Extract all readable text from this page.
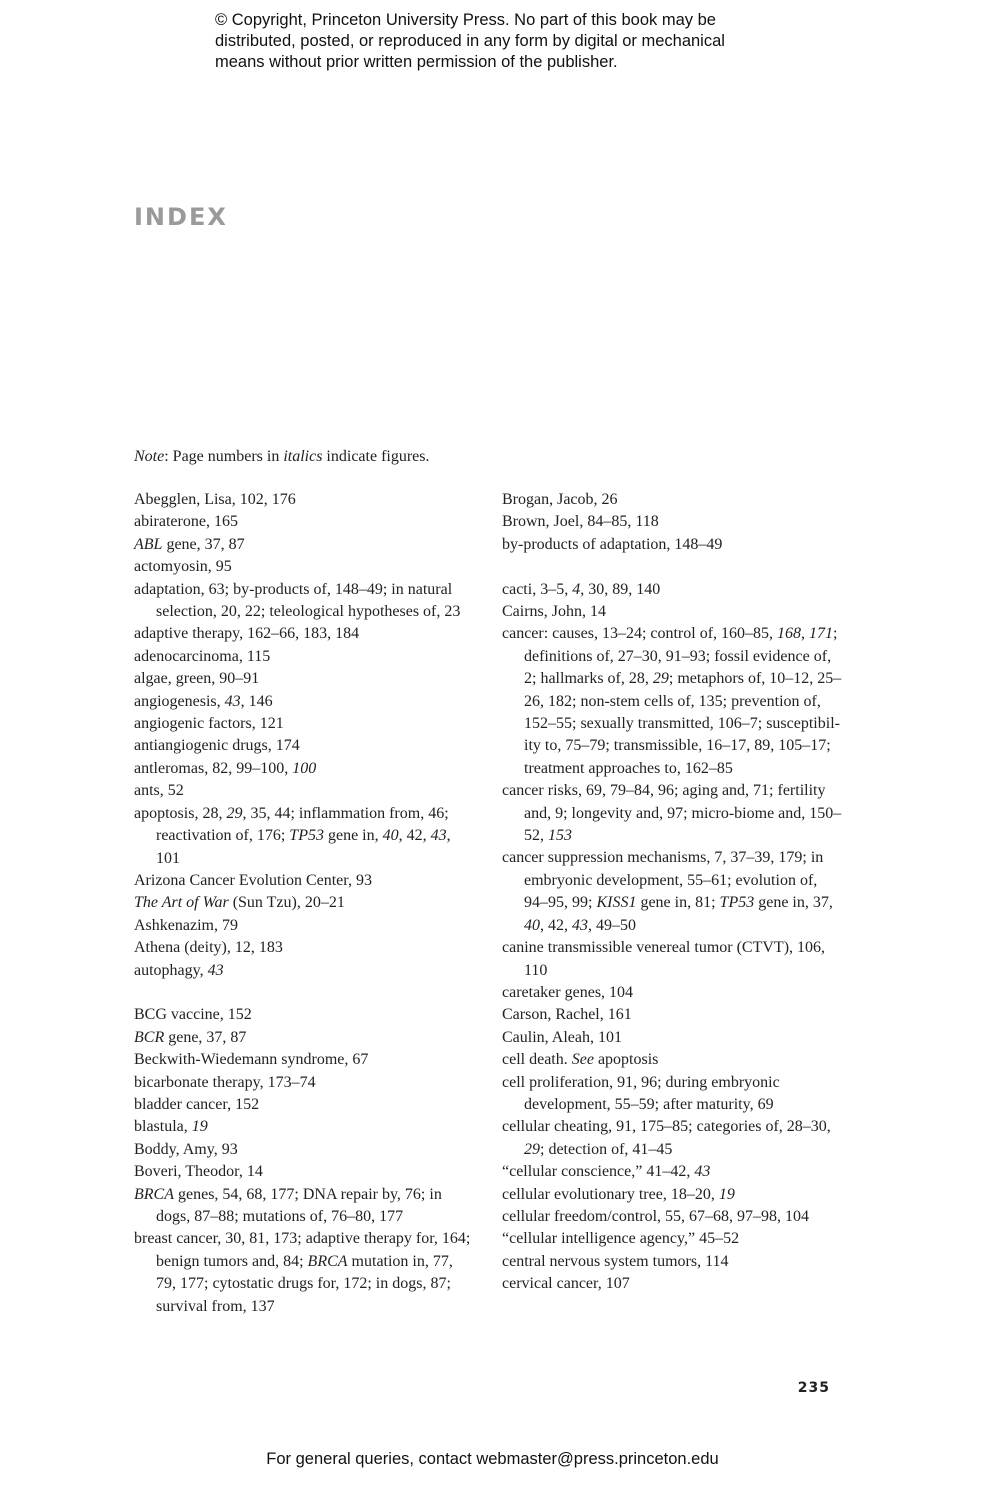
© Copyright, Princeton University Press. No part of this book may be
distributed, posted, or reproduced in any form by digital or mechanical
means without prior written permission of the publisher.
INDEX
Note: Page numbers in italics indicate figures.
Abegglen, Lisa, 102, 176
abiraterone, 165
ABL gene, 37, 87
actomyosin, 95
adaptation, 63; by-products of, 148–49; in natural selection, 20, 22; teleological hypotheses of, 23
adaptive therapy, 162–66, 183, 184
adenocarcinoma, 115
algae, green, 90–91
angiogenesis, 43, 146
angiogenic factors, 121
antiangiogenic drugs, 174
antleromas, 82, 99–100, 100
ants, 52
apoptosis, 28, 29, 35, 44; inflammation from, 46; reactivation of, 176; TP53 gene in, 40, 42, 43, 101
Arizona Cancer Evolution Center, 93
The Art of War (Sun Tzu), 20–21
Ashkenazim, 79
Athena (deity), 12, 183
autophagy, 43
BCG vaccine, 152
BCR gene, 37, 87
Beckwith-Wiedemann syndrome, 67
bicarbonate therapy, 173–74
bladder cancer, 152
blastula, 19
Boddy, Amy, 93
Boveri, Theodor, 14
BRCA genes, 54, 68, 177; DNA repair by, 76; in dogs, 87–88; mutations of, 76–80, 177
breast cancer, 30, 81, 173; adaptive therapy for, 164; benign tumors and, 84; BRCA mutation in, 77, 79, 177; cytostatic drugs for, 172; in dogs, 87; survival from, 137
Brogan, Jacob, 26
Brown, Joel, 84–85, 118
by-products of adaptation, 148–49
cacti, 3–5, 4, 30, 89, 140
Cairns, John, 14
cancer: causes, 13–24; control of, 160–85, 168, 171; definitions of, 27–30, 91–93; fossil evidence of, 2; hallmarks of, 28, 29; metaphors of, 10–12, 25–26, 182; non-stem cells of, 135; prevention of, 152–55; sexually transmitted, 106–7; susceptibil-ity to, 75–79; transmissible, 16–17, 89, 105–17; treatment approaches to, 162–85
cancer risks, 69, 79–84, 96; aging and, 71; fertility and, 9; longevity and, 97; micro-biome and, 150–52, 153
cancer suppression mechanisms, 7, 37–39, 179; in embryonic development, 55–61; evolution of, 94–95, 99; KISS1 gene in, 81; TP53 gene in, 37, 40, 42, 43, 49–50
canine transmissible venereal tumor (CTVT), 106, 110
caretaker genes, 104
Carson, Rachel, 161
Caulin, Aleah, 101
cell death. See apoptosis
cell proliferation, 91, 96; during embryonic development, 55–59; after maturity, 69
cellular cheating, 91, 175–85; categories of, 28–30, 29; detection of, 41–45
“cellular conscience,” 41–42, 43
cellular evolutionary tree, 18–20, 19
cellular freedom/control, 55, 67–68, 97–98, 104
“cellular intelligence agency,” 45–52
central nervous system tumors, 114
cervical cancer, 107
235
For general queries, contact webmaster@press.princeton.edu
